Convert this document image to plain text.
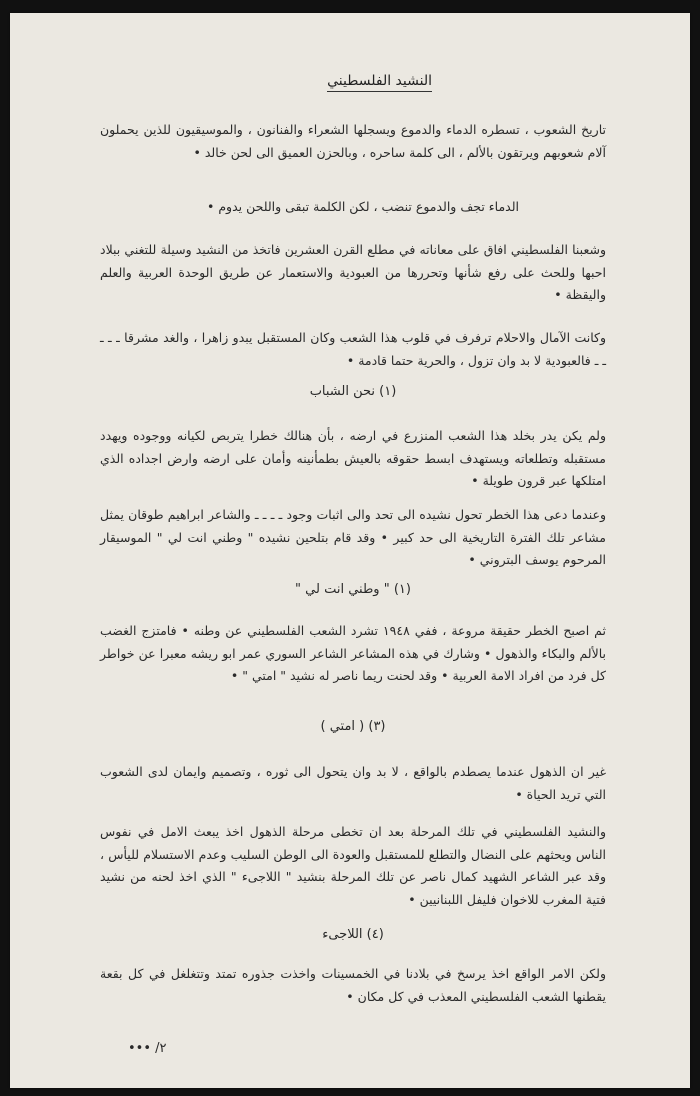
النشيد الفلسطيني
تاريخ الشعوب ، تسطره الدماء والدموع ويسجلها الشعراء والفنانون ، والموسيقيون للذين يحملون آلام شعوبهم ويرتقون بالألم ، الى كلمة ساحره ، وبالحزن العميق الى لحن خالد •
الدماء تجف والدموع تنضب ، لكن الكلمة تبقى واللحن يدوم •
وشعبنا الفلسطيني افاق على معاناته في مطلع القرن العشرين فاتخذ من النشيد وسيلة للتغني ببلاد احبها وللحث على رفع شأنها وتحررها من العبودية والاستعمار عن طريق الوحدة العربية والعلم واليقظة •
وكانت الآمال والاحلام ترفرف في قلوب هذا الشعب وكان المستقبل يبدو زاهرا ، والغد مشرقا ـ ـ ـ ـ ـ فالعبودية لا بد وان تزول ، والحرية حتما قادمة •
(١) نحن الشباب
ولم يكن يدر بخلد هذا الشعب المنزرع في ارضه ، بأن هنالك خطرا يتربص لكيانه ووجوده ويهدد مستقبله وتطلعاته ويستهدف ابسط حقوقه بالعيش بطمأنينه وأمان على ارضه وارض اجداده الذي امتلكها عبر قرون طويلة •
وعندما دعى هذا الخطر تحول نشيده الى تحد والى اثبات وجود ـ ـ ـ ـ والشاعر ابراهيم طوقان يمثل مشاعر تلك الفترة التاريخية الى حد كبير • وقد قام بتلحين نشيده " وطني انت لي " الموسيقار المرحوم يوسف البتروني •
(١) " وطني انت لي "
ثم اصبح الخطر حقيقة مروعة ، ففي ١٩٤٨ تشرد الشعب الفلسطيني عن وطنه • فامتزج الغضب بالألم والبكاء والذهول • وشارك في هذه المشاعر الشاعر السوري عمر ابو ريشه معبرا عن خواطر كل فرد من افراد الامة العربية • وقد لحنت ريما ناصر له نشيد " امتي " •
(٣) ( امتي )
غير ان الذهول عندما يصطدم بالواقع ، لا بد وان يتحول الى ثوره ، وتصميم وايمان لدى الشعوب التي تريد الحياة •
والنشيد الفلسطيني في تلك المرحلة بعد ان تخطى مرحلة الذهول اخذ يبعث الامل في نفوس الناس ويحثهم على النضال والتطلع للمستقبل والعودة الى الوطن السليب وعدم الاستسلام لليأس ، وقد عبر الشاعر الشهيد كمال ناصر عن تلك المرحلة بنشيد " اللاجىء " الذي اخذ لحنه من نشيد فتية المغرب للاخوان فليفل اللبنانيين •
(٤) اللاجىء
ولكن الامر الواقع اخذ يرسخ في بلادنا في الخمسينات واخذت جذوره تمتد وتتغلغل في كل بقعة يقطنها الشعب الفلسطيني المعذب في كل مكان •
٢/ •••
